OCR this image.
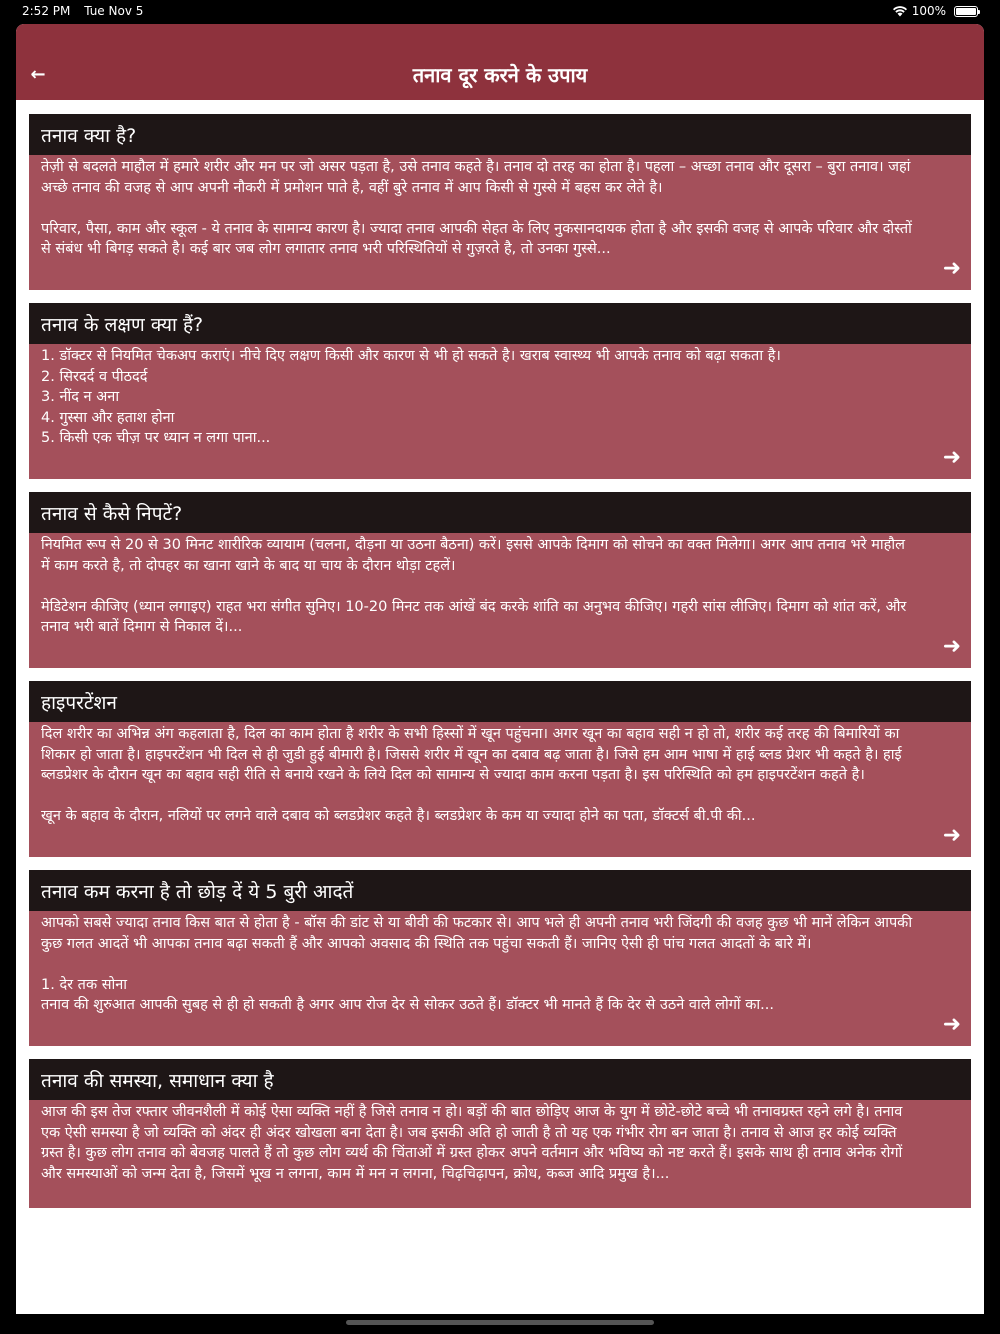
2:52 PM Tue Nov 5	100%
←	तनाव दूर करने के उपाय
तनाव क्या है?
तेज़ी से बदलते माहौल में हमारे शरीर और मन पर जो असर पड़ता है, उसे तनाव कहते है। तनाव दो तरह का होता है। पहला – अच्छा तनाव और दूसरा – बुरा तनाव। जहां अच्छे तनाव की वजह से आप अपनी नौकरी में प्रमोशन पाते है, वहीं बुरे तनाव में आप किसी से गुस्से में बहस कर लेते है।

परिवार, पैसा, काम और स्कूल - ये तनाव के सामान्य कारण है। ज्यादा तनाव आपकी सेहत के लिए नुकसानदायक होता है और इसकी वजह से आपके परिवार और दोस्तों से संबंध भी बिगड़ सकते है। कई बार जब लोग लगातार तनाव भरी परिस्थितियों से गुज़रते है, तो उनका गुस्से...
➜
तनाव के लक्षण क्या हैं?
1. डॉक्टर से नियमित चेकअप कराएं। नीचे दिए लक्षण किसी और कारण से भी हो सकते है। खराब स्वास्थ्य भी आपके तनाव को बढ़ा सकता है।
2. सिरदर्द व पीठदर्द
3. नींद न अना
4. गुस्सा और हताश होना
5. किसी एक चीज़ पर ध्यान न लगा पाना...
➜
तनाव से कैसे निपटें?
नियमित रूप से 20 से 30 मिनट शारीरिक व्यायाम (चलना, दौड़ना या उठना बैठना) करें। इससे आपके दिमाग को सोचने का वक्त मिलेगा। अगर आप तनाव भरे माहौल में काम करते है, तो दोपहर का खाना खाने के बाद या चाय के दौरान थोड़ा टहलें।

मेडिटेशन कीजिए (ध्यान लगाइए) राहत भरा संगीत सुनिए। 10-20 मिनट तक आंखें बंद करके शांति का अनुभव कीजिए। गहरी सांस लीजिए। दिमाग को शांत करें, और तनाव भरी बातें दिमाग से निकाल दें।...
➜
हाइपरटेंशन
दिल शरीर का अभिन्न अंग कहलाता है, दिल का काम होता है शरीर के सभी हिस्सों में खून पहुंचना। अगर खून का बहाव सही न हो तो, शरीर कई तरह की बिमारियों का शिकार हो जाता है। हाइपरटेंशन भी दिल से ही जुडी हुई बीमारी है। जिससे शरीर में खून का दबाव बढ़ जाता है। जिसे हम आम भाषा में हाई ब्लड प्रेशर भी कहते है। हाई ब्लडप्रेशर के दौरान खून का बहाव सही रीति से बनाये रखने के लिये दिल को सामान्य से ज्यादा काम करना पड़ता है। इस परिस्थिति को हम हाइपरटेंशन कहते है।

खून के बहाव के दौरान, नलियों पर लगने वाले दबाव को ब्लडप्रेशर कहते है। ब्लडप्रेशर के कम या ज्यादा होने का पता, डॉक्टर्स बी.पी की...
➜
तनाव कम करना है तो छोड़ दें ये 5 बुरी आदतें
आपको सबसे ज्यादा तनाव किस बात से होता है - बॉस की डांट से या बीवी की फटकार से। आप भले ही अपनी तनाव भरी जिंदगी की वजह कुछ भी मानें लेकिन आपकी कुछ गलत आदतें भी आपका तनाव बढ़ा सकती हैं और आपको अवसाद की स्थिति तक पहुंचा सकती हैं। जानिए ऐसी ही पांच गलत आदतों के बारे में।

1. देर तक सोना
तनाव की शुरुआत आपकी सुबह से ही हो सकती है अगर आप रोज देर से सोकर उठते हैं। डॉक्टर भी मानते हैं कि देर से उठने वाले लोगों का...
➜
तनाव की समस्या, समाधान क्या है
आज की इस तेज रफ्तार जीवनशैली में कोई ऐसा व्यक्ति नहीं है जिसे तनाव न हो। बड़ों की बात छोड़िए आज के युग में छोटे-छोटे बच्चे भी तनावग्रस्त रहने लगे है। तनाव एक ऐसी समस्या है जो व्यक्ति को अंदर ही अंदर खोखला बना देता है। जब इसकी अति हो जाती है तो यह एक गंभीर रोग बन जाता है। तनाव से आज हर कोई व्यक्ति ग्रस्त है। कुछ लोग तनाव को बेवजह पालते हैं तो कुछ लोग व्यर्थ की चिंताओं में ग्रस्त होकर अपने वर्तमान और भविष्य को नष्ट करते हैं। इसके साथ ही तनाव अनेक रोगों और समस्याओं को जन्म देता है, जिसमें भूख न लगना, काम में मन न लगना, चिढ़चिढ़ापन, क्रोध, कब्ज आदि प्रमुख है।...
